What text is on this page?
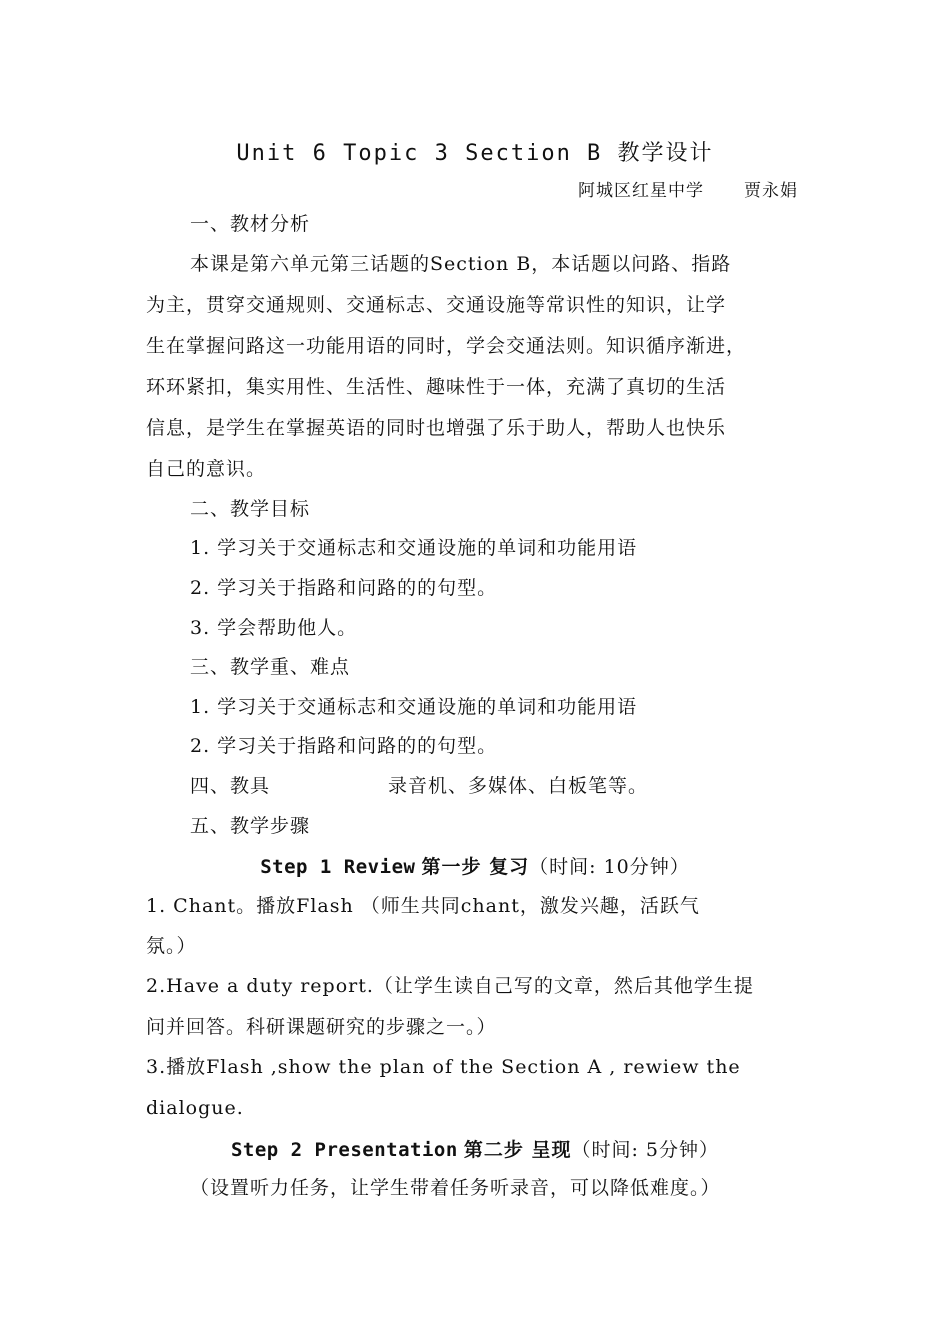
Unit 6 Topic 3 Section B 教学设计
阿城区红星中学 贾永娟
一、教材分析
本课是第六单元第三话题的Section B，本话题以问路、指路
为主，贯穿交通规则、交通标志、交通设施等常识性的知识，让学
生在掌握问路这一功能用语的同时，学会交通法则。知识循序渐进，
环环紧扣，集实用性、生活性、趣味性于一体，充满了真切的生活
信息，是学生在掌握英语的同时也增强了乐于助人，帮助人也快乐
自己的意识。
二、教学目标
1. 学习关于交通标志和交通设施的单词和功能用语
2. 学习关于指路和问路的的句型。
3. 学会帮助他人。
三、教学重、难点
1. 学习关于交通标志和交通设施的单词和功能用语
2. 学习关于指路和问路的的句型。
四、教具	录音机、多媒体、白板笔等。
五、教学步骤
Step 1 Review 第一步 复习（时间: 10分钟）
1. Chant。播放Flash （师生共同chant，激发兴趣，活跃气
氛。）
2.Have a duty report.（让学生读自己写的文章，然后其他学生提
问并回答。科研课题研究的步骤之一。）
3.播放Flash ,show the plan of the Section A , rewiew the
dialogue.
Step 2 Presentation 第二步 呈现（时间: 5分钟）
（设置听力任务，让学生带着任务听录音，可以降低难度。）
